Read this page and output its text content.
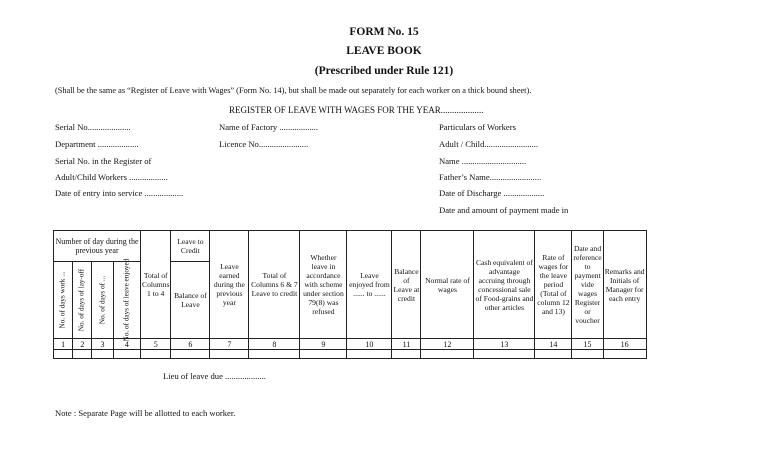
FORM No. 15
LEAVE BOOK
(Prescribed under Rule 121)
(Shall be the same as “Register of Leave with Wages” (Form No. 14), but shall be made out separately for each worker on a thick bound sheet).
REGISTER OF LEAVE WITH WAGES FOR THE YEAR...................
Serial No....................
Department ...................
Serial No. in the Register of
Adult/Child Workers ..................
Date of entry into service ..................
Name of Factory ..................
Licence No.......................
Particulars of Workers
Adult / Child.........................
Name ..............................
Father’s Name........................
Date of Discharge ...................
Date and amount of payment made in
Number of day during the previous year				Total of Columns 1 to 4	Leave to Credit	Leave earned during the previous year	Total of Columns 6 & 7 Leave to credit	Whether leave in accordance with scheme under section 79(8) was refused	Leave enjoyed from ...... to ......	Balance of Leave at credit	Normal rate of wages	Cash equivalent of advantage accruing through concessional sale of Food-grains and other articles	Rate of wages for the leave period (Total of column 12 and 13)	Date and reference to payment vide wages Register or voucher	Remarks and Initials of Manager for each entry

No. of days work ...	No. of days of lay-off	No. of days of ...	No. of days of leave enjoyed		Balance of Leave										

1	2	3	4	5	6	7	8	9	10	11	12	13	14	15	16

Lieu of leave due ...................
Note : Separate Page will be allotted to each worker.
